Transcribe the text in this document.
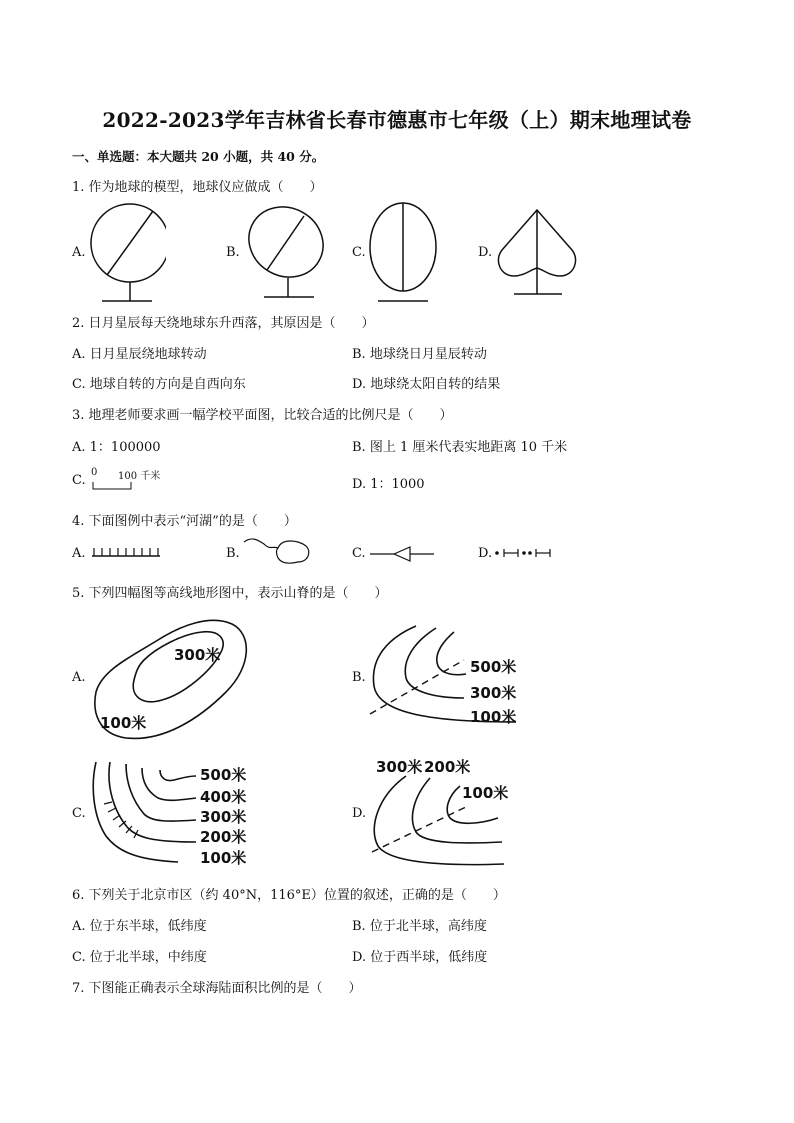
2022-2023学年吉林省长春市德惠市七年级（上）期末地理试卷
一、单选题：本大题共 20 小题，共 40 分。
1. 作为地球的模型，地球仪应做成（　　）
A.	B.	C.	D.
2. 日月星辰每天绕地球东升西落，其原因是（　　）
A. 日月星辰绕地球转动	B. 地球绕日月星辰转动
C. 地球自转的方向是自西向东	D. 地球绕太阳自转的结果
3. 地理老师要求画一幅学校平面图，比较合适的比例尺是（　　）
A. 1：100000	B. 图上 1 厘米代表实地距离 10 千米
C.
0 100 千米
D. 1：1000
4. 下面图例中表示“河湖”的是（　　）
A.	B.	C.	D.
5. 下列四幅图等高线地形图中，表示山脊的是（　　）
A.
300米
100米
B.
500米
300米
100米
C.
500米
400米
300米
200米
100米
D.
300米 200米
100米
6. 下列关于北京市区（约 40°N，116°E）位置的叙述，正确的是（　　）
A. 位于东半球，低纬度	B. 位于北半球，高纬度
C. 位于北半球，中纬度	D. 位于西半球，低纬度
7. 下图能正确表示全球海陆面积比例的是（　　）
